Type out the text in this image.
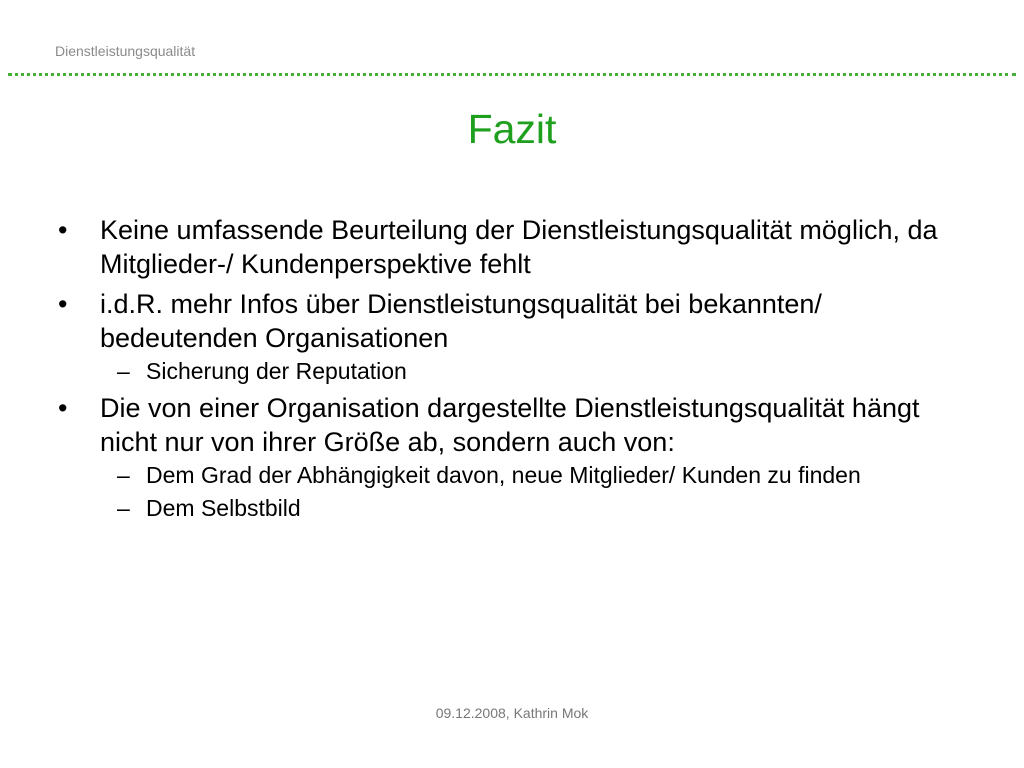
Dienstleistungsqualität
Fazit
•	Keine umfassende Beurteilung der Dienstleistungsqualität möglich, da Mitglieder-/ Kundenperspektive fehlt
•	i.d.R. mehr Infos über Dienstleistungsqualität bei bekannten/ bedeutenden Organisationen
– Sicherung der Reputation
•	Die von einer Organisation dargestellte Dienstleistungsqualität hängt nicht nur von ihrer Größe ab, sondern auch von:
– Dem Grad der Abhängigkeit davon, neue Mitglieder/ Kunden zu finden
– Dem Selbstbild
09.12.2008, Kathrin Mok
